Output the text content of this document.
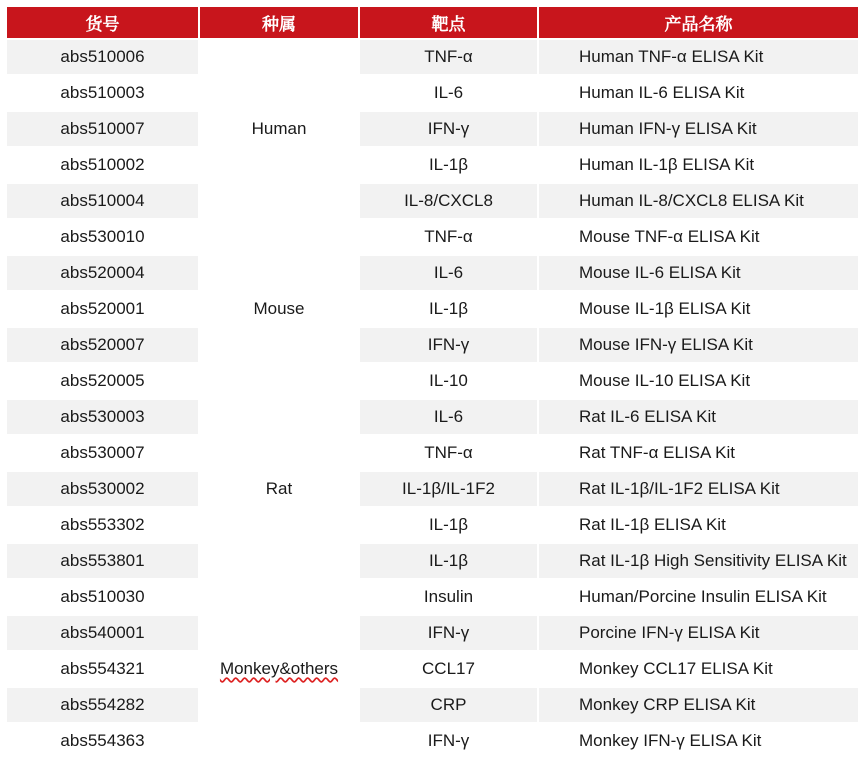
货号	种属	靶点	产品名称
abs510006	Human	TNF-α	Human TNF-α ELISA Kit
abs510003		IL-6	Human IL-6 ELISA Kit
abs510007		IFN-γ	Human IFN-γ ELISA Kit
abs510002		IL-1β	Human IL-1β ELISA Kit
abs510004		IL-8/CXCL8	Human IL-8/CXCL8 ELISA Kit
abs530010	Mouse	TNF-α	Mouse TNF-α ELISA Kit
abs520004		IL-6	Mouse IL-6 ELISA Kit
abs520001		IL-1β	Mouse IL-1β ELISA Kit
abs520007		IFN-γ	Mouse IFN-γ ELISA Kit
abs520005		IL-10	Mouse IL-10 ELISA Kit
abs530003	Rat	IL-6	Rat IL-6 ELISA Kit
abs530007		TNF-α	Rat TNF-α ELISA Kit
abs530002		IL-1β/IL-1F2	Rat IL-1β/IL-1F2 ELISA Kit
abs553302		IL-1β	Rat IL-1β ELISA Kit
abs553801		IL-1β	Rat IL-1β High Sensitivity ELISA Kit
abs510030	Monkey&others	Insulin	Human/Porcine Insulin ELISA Kit
abs540001		IFN-γ	Porcine IFN-γ ELISA Kit
abs554321		CCL17	Monkey CCL17 ELISA Kit
abs554282		CRP	Monkey CRP ELISA Kit
abs554363		IFN-γ	Monkey IFN-γ ELISA Kit
